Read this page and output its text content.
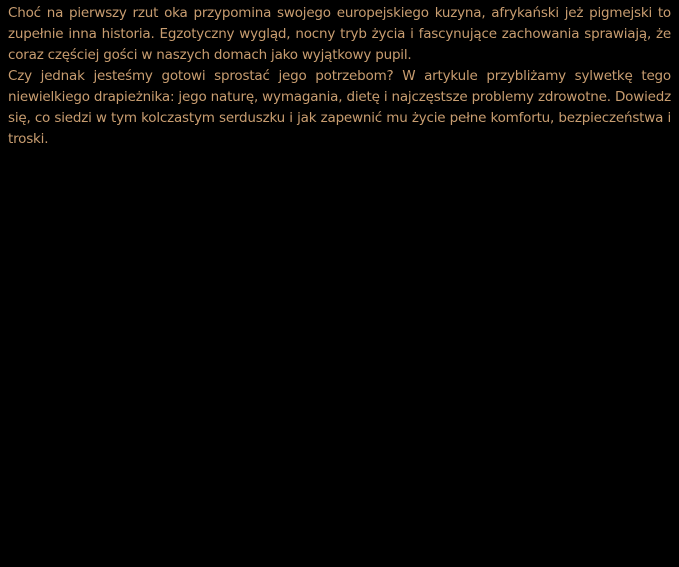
Choć na pierwszy rzut oka przypomina swojego europejskiego kuzyna, afrykański jeż pigmejski to zupełnie inna historia. Egzotyczny wygląd, nocny tryb życia i fascynujące zachowania sprawiają, że coraz częściej gości w naszych domach jako wyjątkowy pupil.

Czy jednak jesteśmy gotowi sprostać jego potrzebom? W artykule przybliżamy sylwetkę tego niewielkiego drapieżnika: jego naturę, wymagania, dietę i najczęstsze problemy zdrowotne. Dowiedz się, co siedzi w tym kolczastym serduszku i jak zapewnić mu życie pełne komfortu, bezpieczeństwa i troski.
